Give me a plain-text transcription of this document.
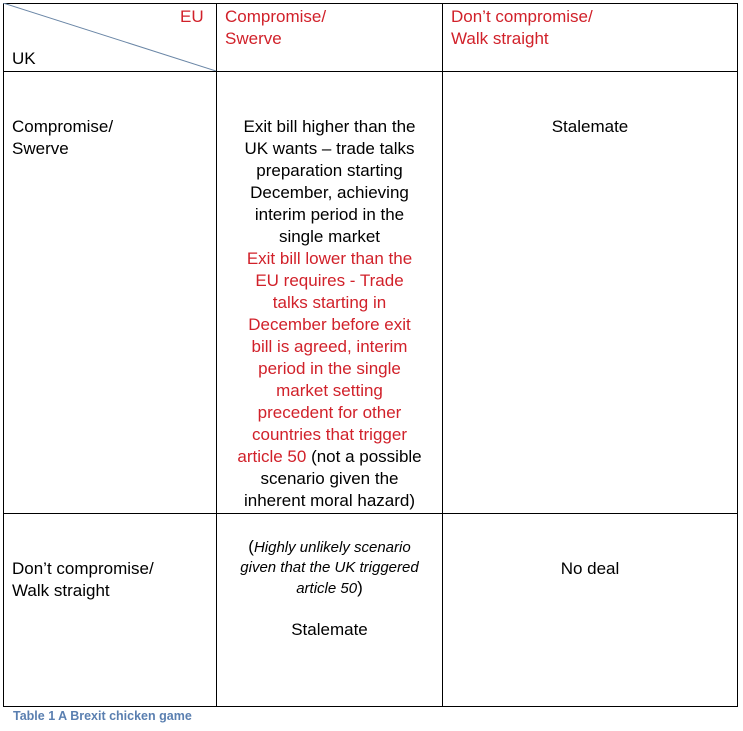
EU
UK
Compromise/
Swerve
Don’t compromise/
Walk straight
Compromise/
Swerve
Exit bill higher than the
UK wants – trade talks
preparation starting
December, achieving
interim period in the
single market
Exit bill lower than the
EU requires - Trade
talks starting in
December before exit
bill is agreed, interim
period in the single
market setting
precedent for other
countries that trigger
article 50 (not a possible
scenario given the
inherent moral hazard)
Stalemate
Don’t compromise/
Walk straight
(Highly unlikely scenario
given that the UK triggered
article 50)
Stalemate
No deal
Table 1 A Brexit chicken game
